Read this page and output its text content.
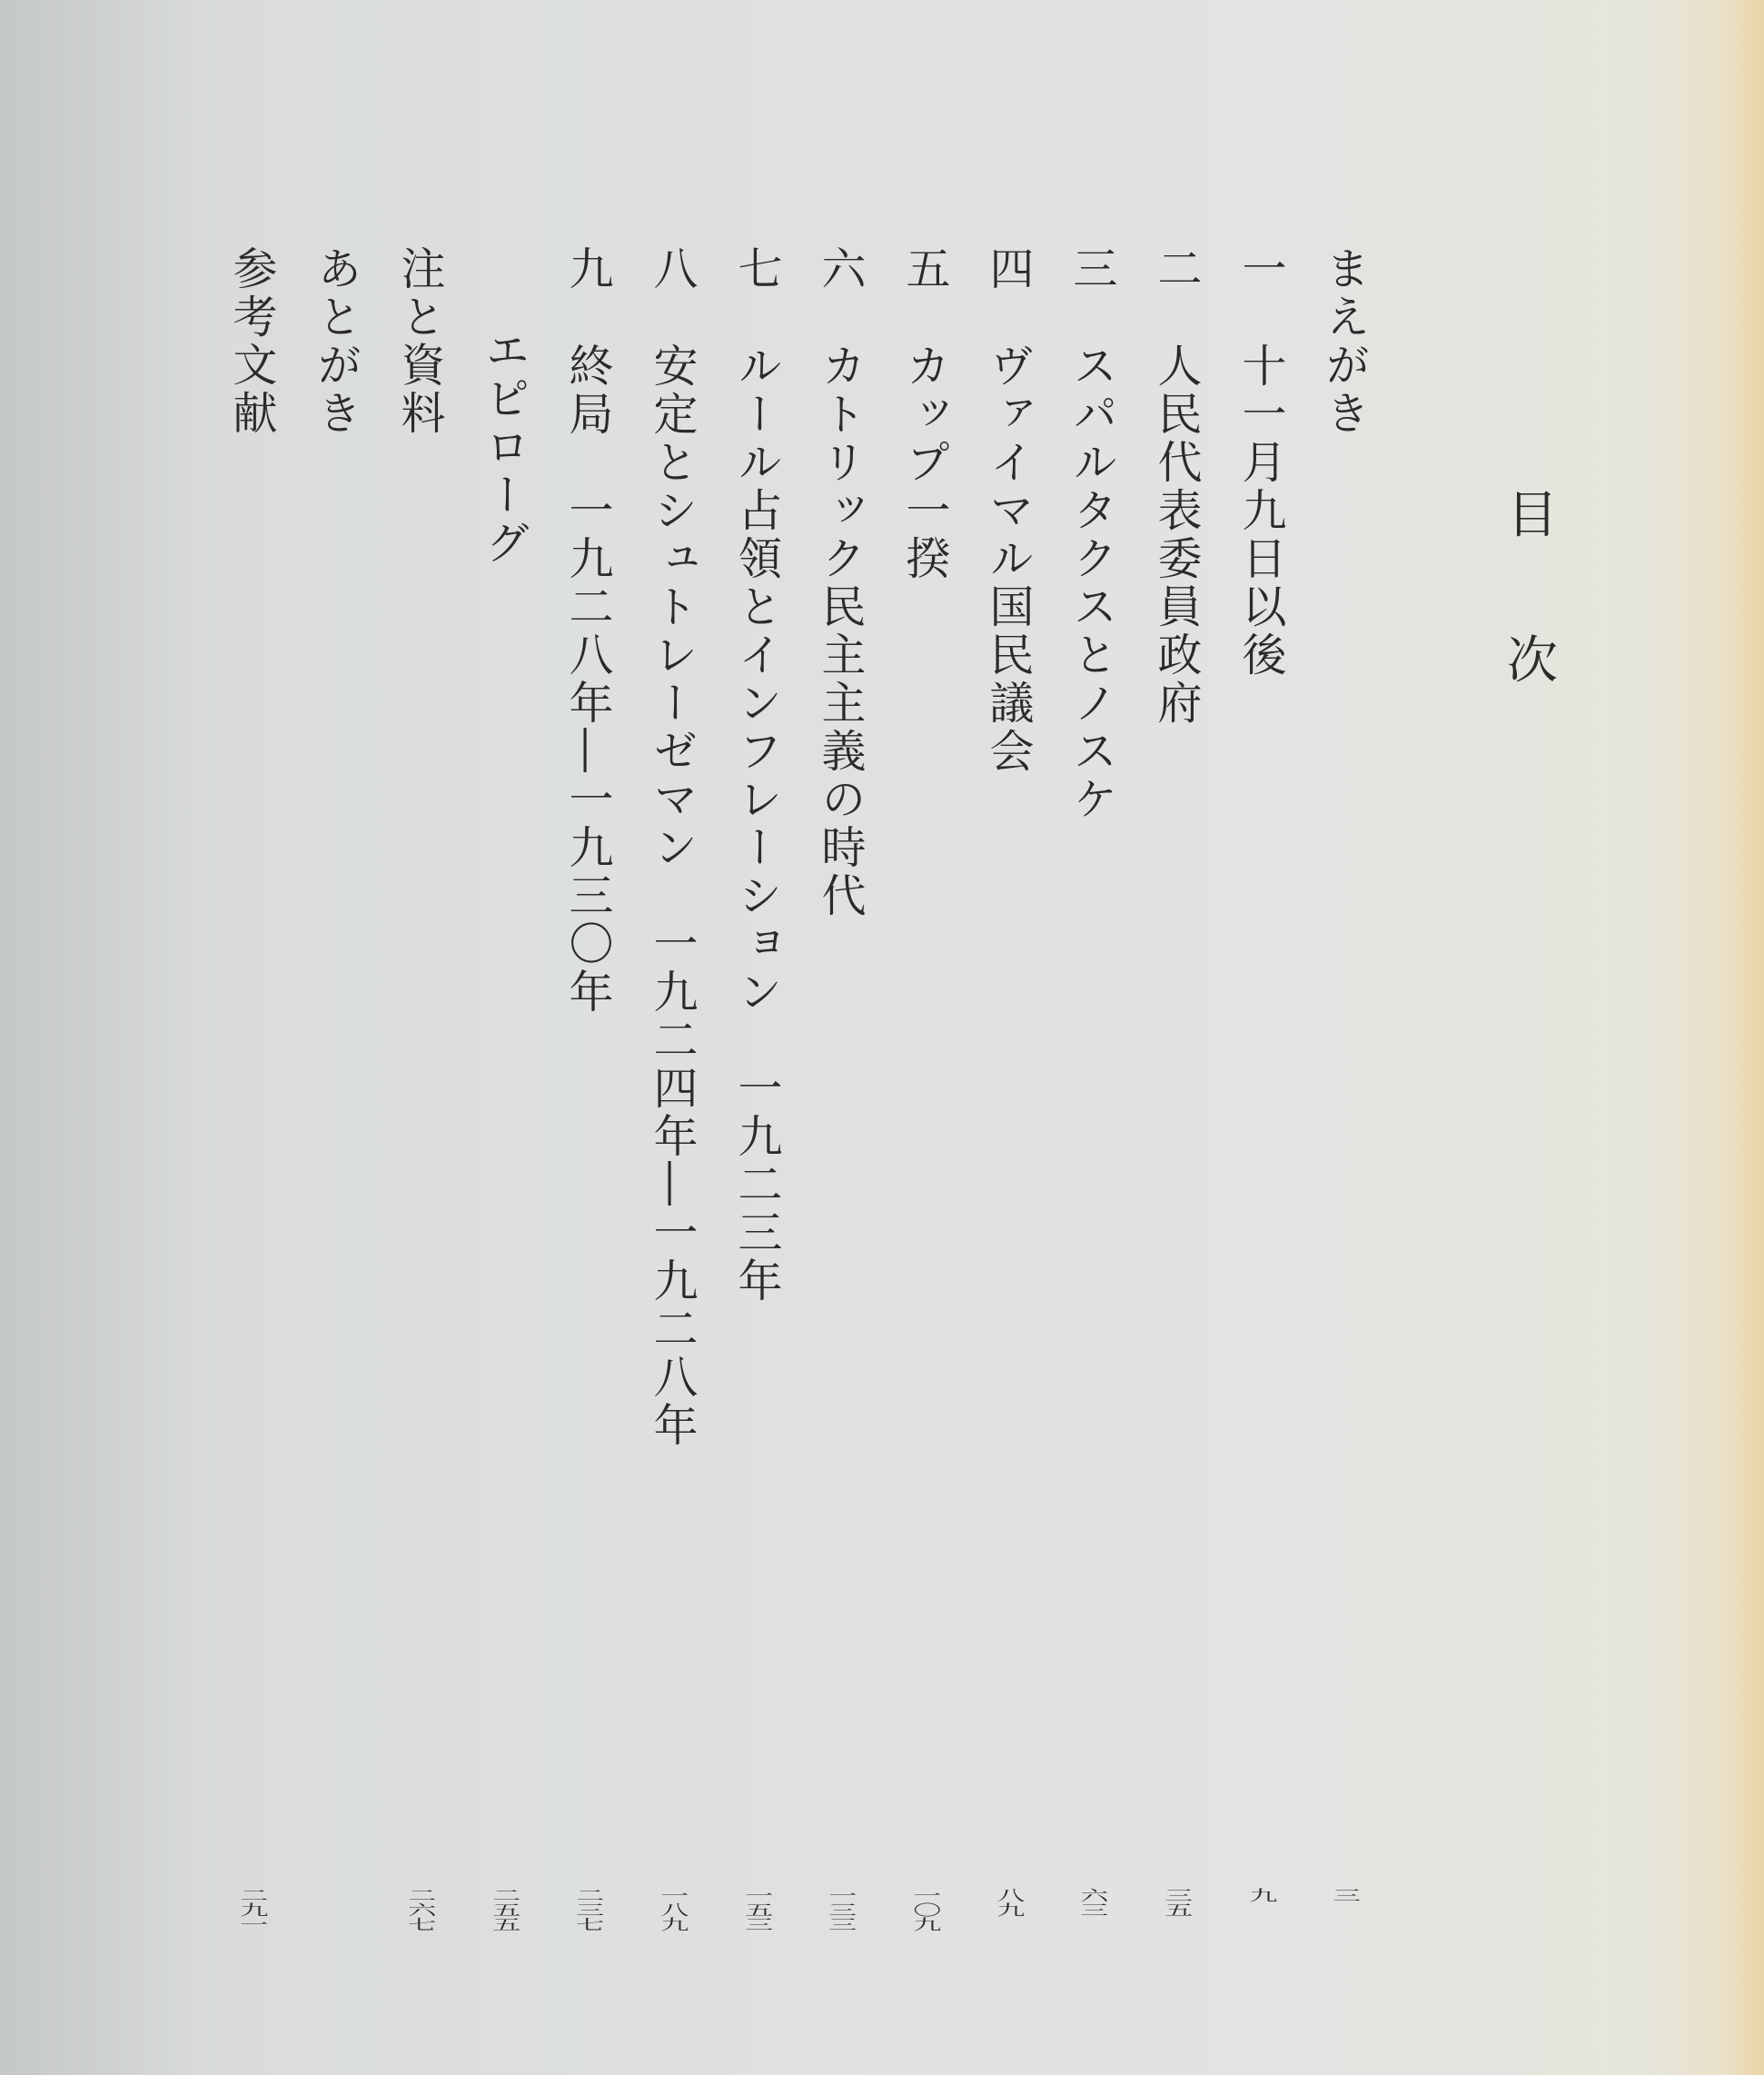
目
次
まえがき
一十一月九日以後
二人民代表委員政府
三スパルタクスとノスケ
四ヴァイマル国民議会
五カップ一揆
六カトリック民主主義の時代
七ルール占領とインフレーション　一九二三年
八安定とシュトレーゼマン　一九二四年―一九二八年
九終局　一九二八年―一九三〇年
エピローグ
注と資料
あとがき
参考文献
三
九
三五
六三
八九
一〇九
一三三
一五三
一八九
二三七
二五五
二六七
二九一
